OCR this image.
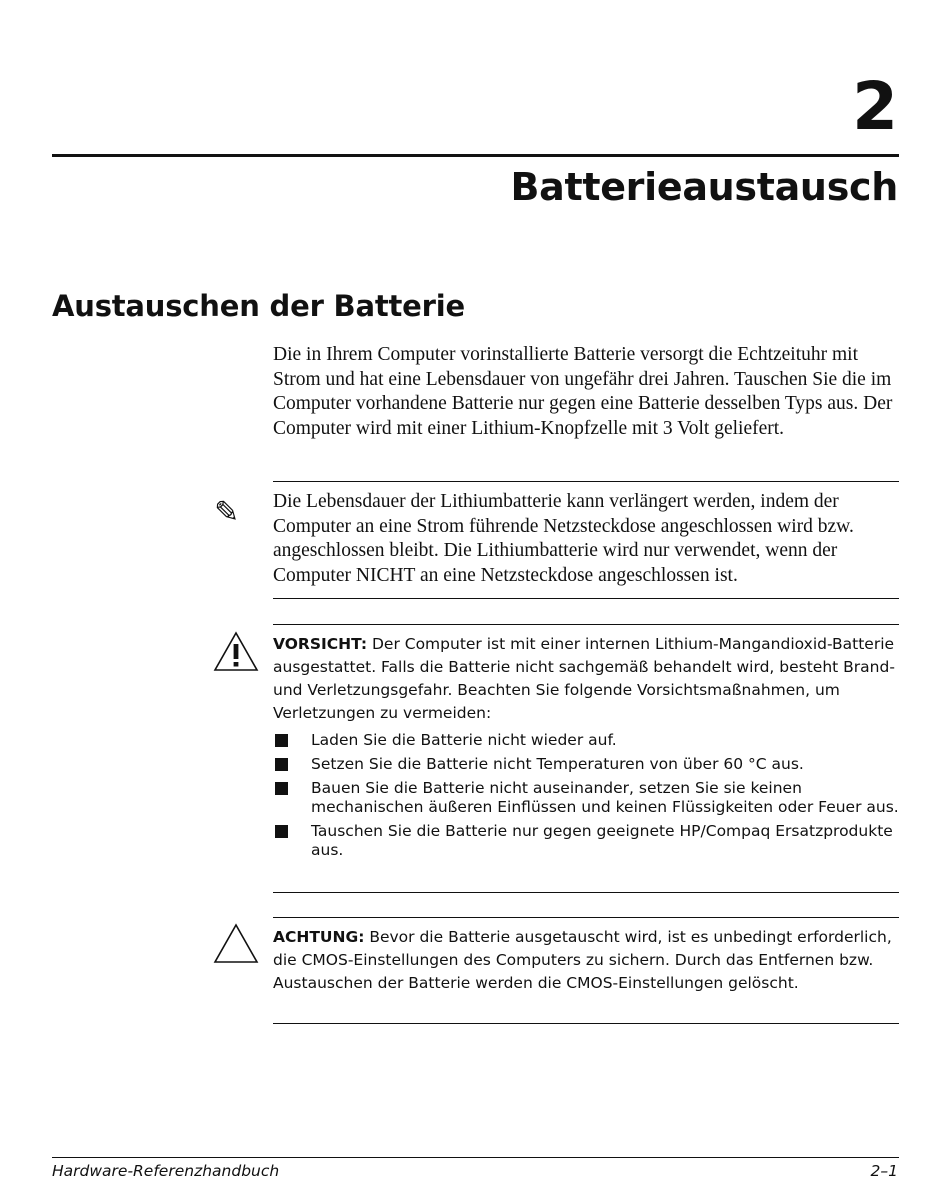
2
Batterieaustausch
Austauschen der Batterie

Die in Ihrem Computer vorinstallierte Batterie versorgt die Echtzeituhr mit Strom und hat eine Lebensdauer von ungefähr drei Jahren. Tauschen Sie die im Computer vorhandene Batterie nur gegen eine Batterie desselben Typs aus. Der Computer wird mit einer Lithium-Knopfzelle mit 3 Volt geliefert.

✎ Die Lebensdauer der Lithiumbatterie kann verlängert werden, indem der Computer an eine Strom führende Netzsteckdose angeschlossen wird bzw. angeschlossen bleibt. Die Lithiumbatterie wird nur verwendet, wenn der Computer NICHT an eine Netzsteckdose angeschlossen ist.

VORSICHT: Der Computer ist mit einer internen Lithium-Mangandioxid-Batterie ausgestattet. Falls die Batterie nicht sachgemäß behandelt wird, besteht Brand- und Verletzungsgefahr. Beachten Sie folgende Vorsichtsmaßnahmen, um Verletzungen zu vermeiden:

Laden Sie die Batterie nicht wieder auf.
Setzen Sie die Batterie nicht Temperaturen von über 60 °C aus.
Bauen Sie die Batterie nicht auseinander, setzen Sie sie keinen mechanischen äußeren Einflüssen und keinen Flüssigkeiten oder Feuer aus.
Tauschen Sie die Batterie nur gegen geeignete HP/Compaq Ersatzprodukte aus.

ACHTUNG: Bevor die Batterie ausgetauscht wird, ist es unbedingt erforderlich, die CMOS-Einstellungen des Computers zu sichern. Durch das Entfernen bzw. Austauschen der Batterie werden die CMOS-Einstellungen gelöscht.

Hardware-Referenzhandbuch	2–1
